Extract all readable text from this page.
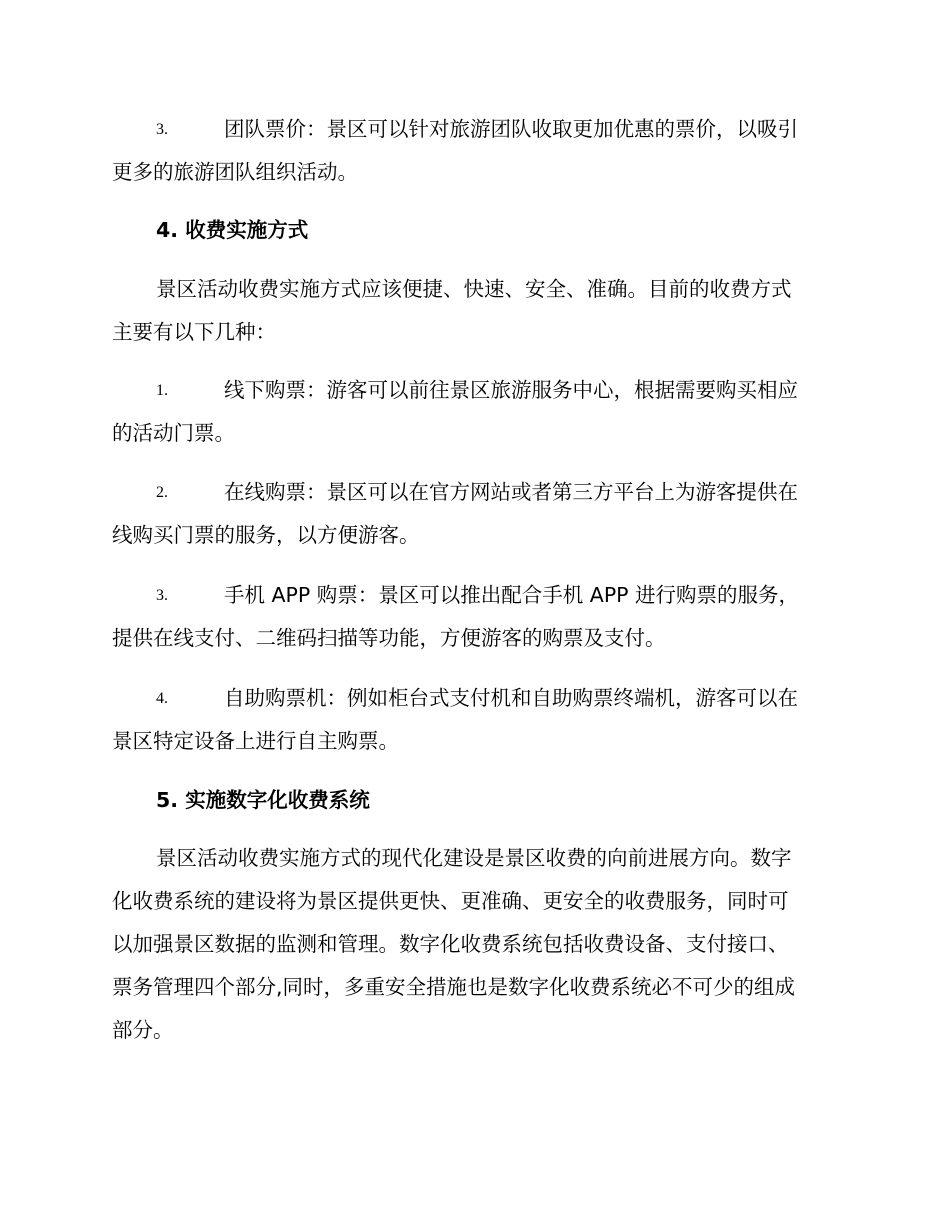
3.	团队票价：景区可以针对旅游团队收取更加优惠的票价，以吸引
更多的旅游团队组织活动。
4. 收费实施方式
景区活动收费实施方式应该便捷、快速、安全、准确。目前的收费方式
主要有以下几种：
1.	线下购票：游客可以前往景区旅游服务中心，根据需要购买相应
的活动门票。
2.	在线购票：景区可以在官方网站或者第三方平台上为游客提供在
线购买门票的服务，以方便游客。
3.	手机 APP 购票：景区可以推出配合手机 APP 进行购票的服务，
提供在线支付、二维码扫描等功能，方便游客的购票及支付。
4.	自助购票机：例如柜台式支付机和自助购票终端机，游客可以在
景区特定设备上进行自主购票。
5. 实施数字化收费系统
景区活动收费实施方式的现代化建设是景区收费的向前进展方向。数字
化收费系统的建设将为景区提供更快、更准确、更安全的收费服务，同时可
以加强景区数据的监测和管理。数字化收费系统包括收费设备、支付接口、
票务管理四个部分,同时，多重安全措施也是数字化收费系统必不可少的组成
部分。
